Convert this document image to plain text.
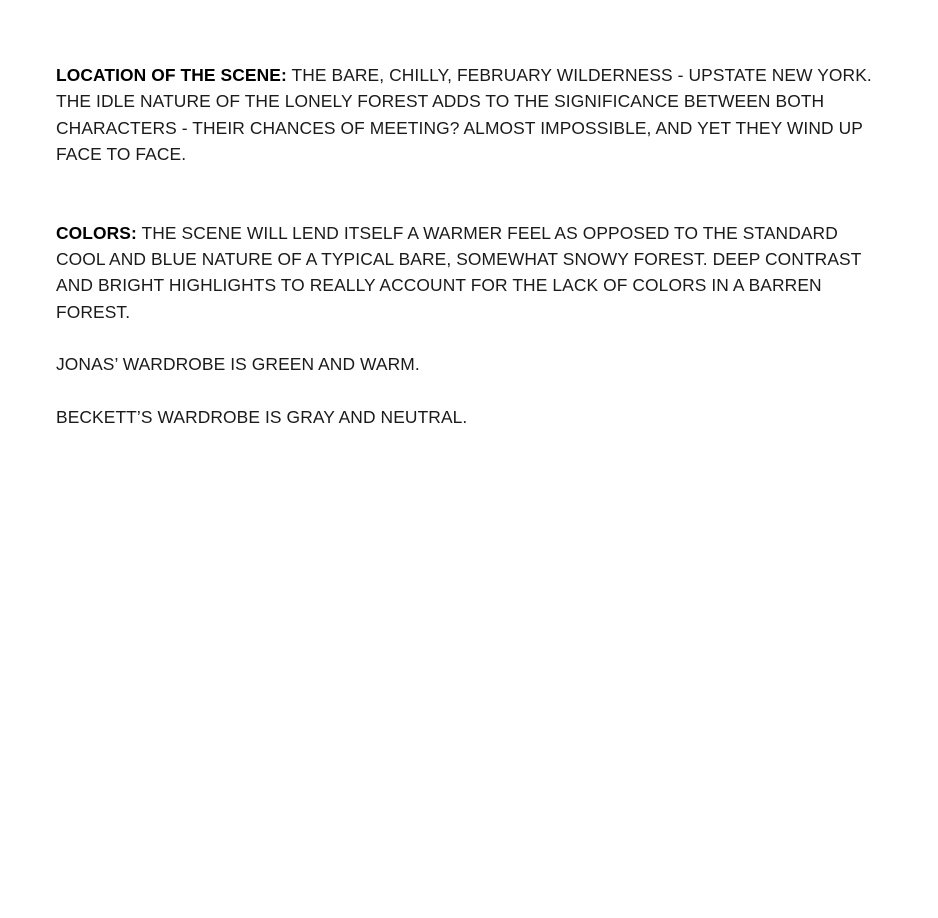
LOCATION OF THE SCENE: THE BARE, CHILLY, FEBRUARY WILDERNESS - UPSTATE NEW YORK. THE IDLE NATURE OF THE LONELY FOREST ADDS TO THE SIGNIFICANCE BETWEEN BOTH CHARACTERS - THEIR CHANCES OF MEETING? ALMOST IMPOSSIBLE, AND YET THEY WIND UP FACE TO FACE.

COLORS: THE SCENE WILL LEND ITSELF A WARMER FEEL AS OPPOSED TO THE STANDARD COOL AND BLUE NATURE OF A TYPICAL BARE, SOMEWHAT SNOWY FOREST. DEEP CONTRAST AND BRIGHT HIGHLIGHTS TO REALLY ACCOUNT FOR THE LACK OF COLORS IN A BARREN FOREST.

JONAS’ WARDROBE IS GREEN AND WARM.

BECKETT’S WARDROBE IS GRAY AND NEUTRAL.
